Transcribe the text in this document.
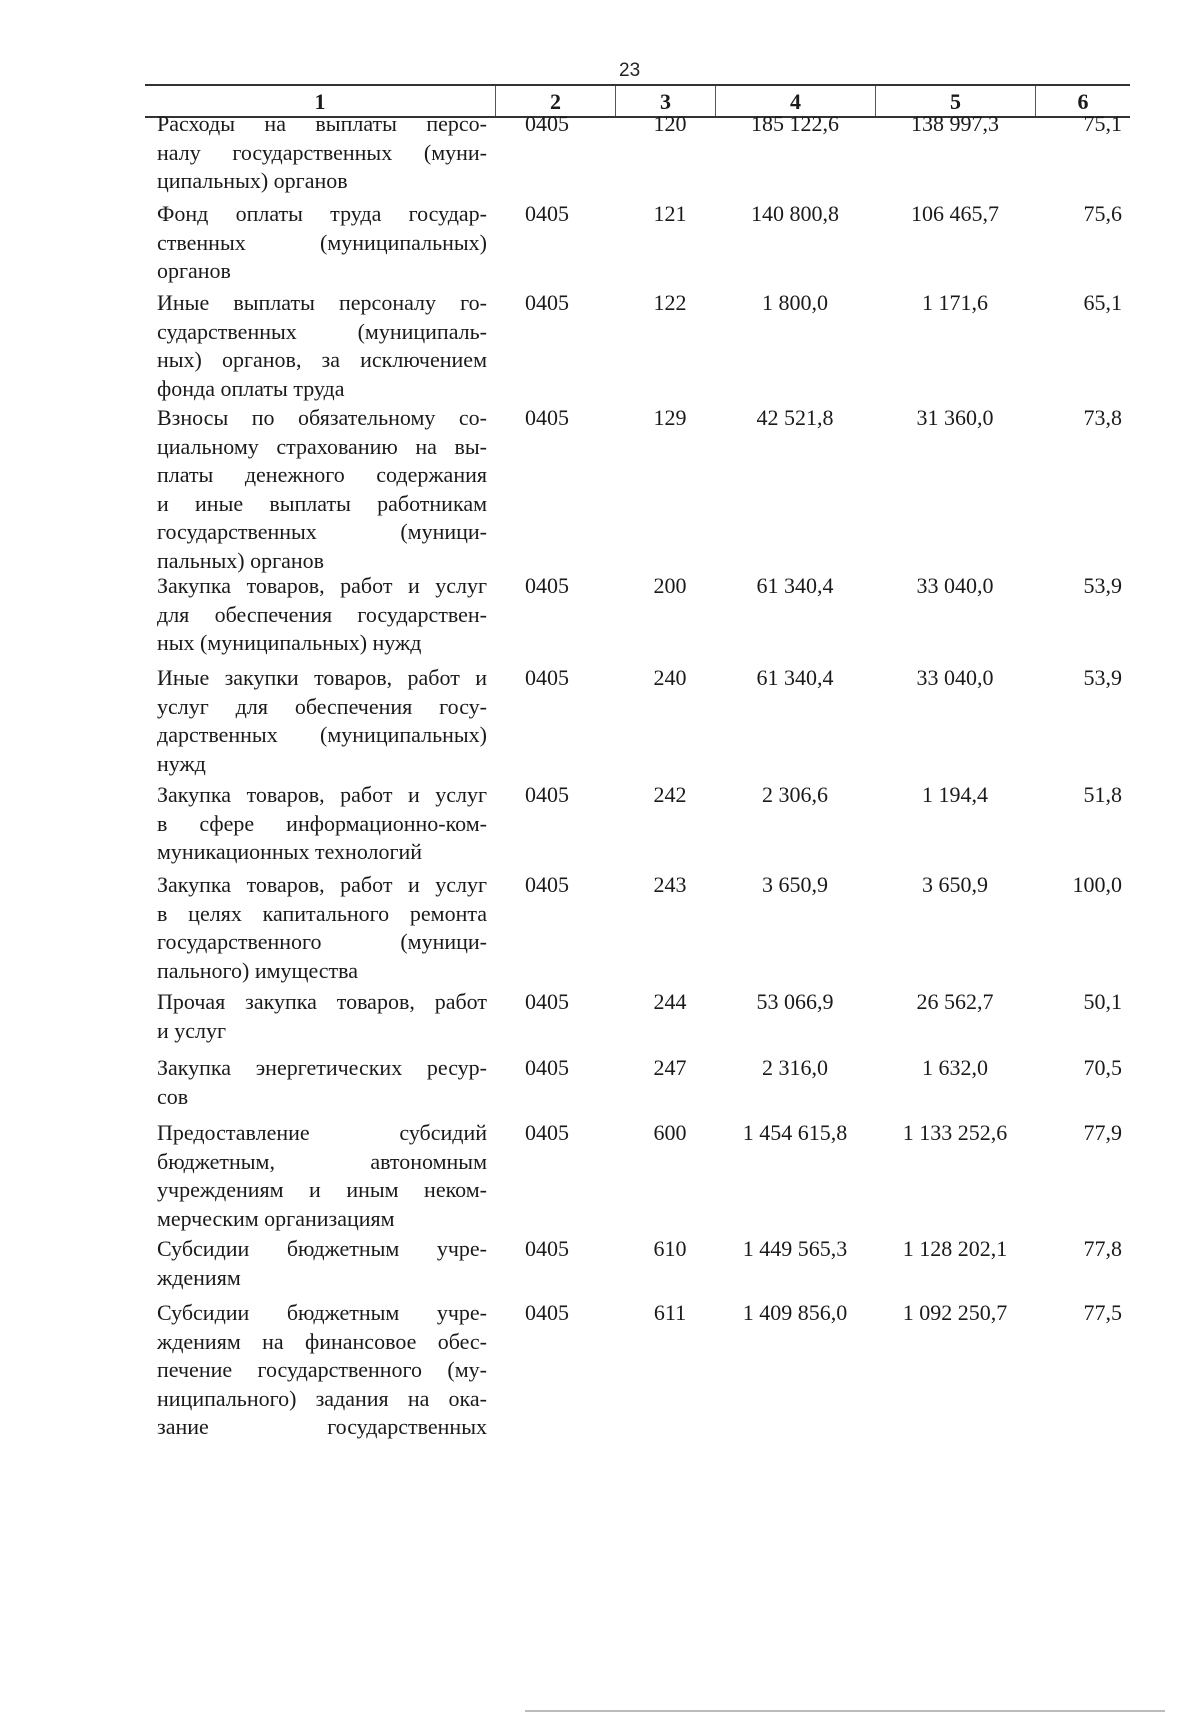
23
1	2	3	4	5	6
Расходы на выплаты персо-
налу государственных (муни-
ципальных) органов
0405	120	185 122,6	138 997,3	75,1
Фонд оплаты труда государ-
ственных (муниципальных)
органов
0405	121	140 800,8	106 465,7	75,6
Иные выплаты персоналу го-
сударственных (муниципаль-
ных) органов, за исключением
фонда оплаты труда
0405	122	1 800,0	1 171,6	65,1
Взносы по обязательному со-
циальному страхованию на вы-
платы денежного содержания
и иные выплаты работникам
государственных (муници-
пальных) органов
0405	129	42 521,8	31 360,0	73,8
Закупка товаров, работ и услуг
для обеспечения государствен-
ных (муниципальных) нужд
0405	200	61 340,4	33 040,0	53,9
Иные закупки товаров, работ и
услуг для обеспечения госу-
дарственных (муниципальных)
нужд
0405	240	61 340,4	33 040,0	53,9
Закупка товаров, работ и услуг
в сфере информационно-ком-
муникационных технологий
0405	242	2 306,6	1 194,4	51,8
Закупка товаров, работ и услуг
в целях капитального ремонта
государственного (муници-
пального) имущества
0405	243	3 650,9	3 650,9	100,0
Прочая закупка товаров, работ
и услуг
0405	244	53 066,9	26 562,7	50,1
Закупка энергетических ресур-
сов
0405	247	2 316,0	1 632,0	70,5
Предоставление субсидий
бюджетным, автономным
учреждениям и иным неком-
мерческим организациям
0405	600	1 454 615,8	1 133 252,6	77,9
Субсидии бюджетным учре-
ждениям
0405	610	1 449 565,3	1 128 202,1	77,8
Субсидии бюджетным учре-
ждениям на финансовое обес-
печение государственного (му-
ниципального) задания на ока-
зание государственных
0405	611	1 409 856,0	1 092 250,7	77,5
